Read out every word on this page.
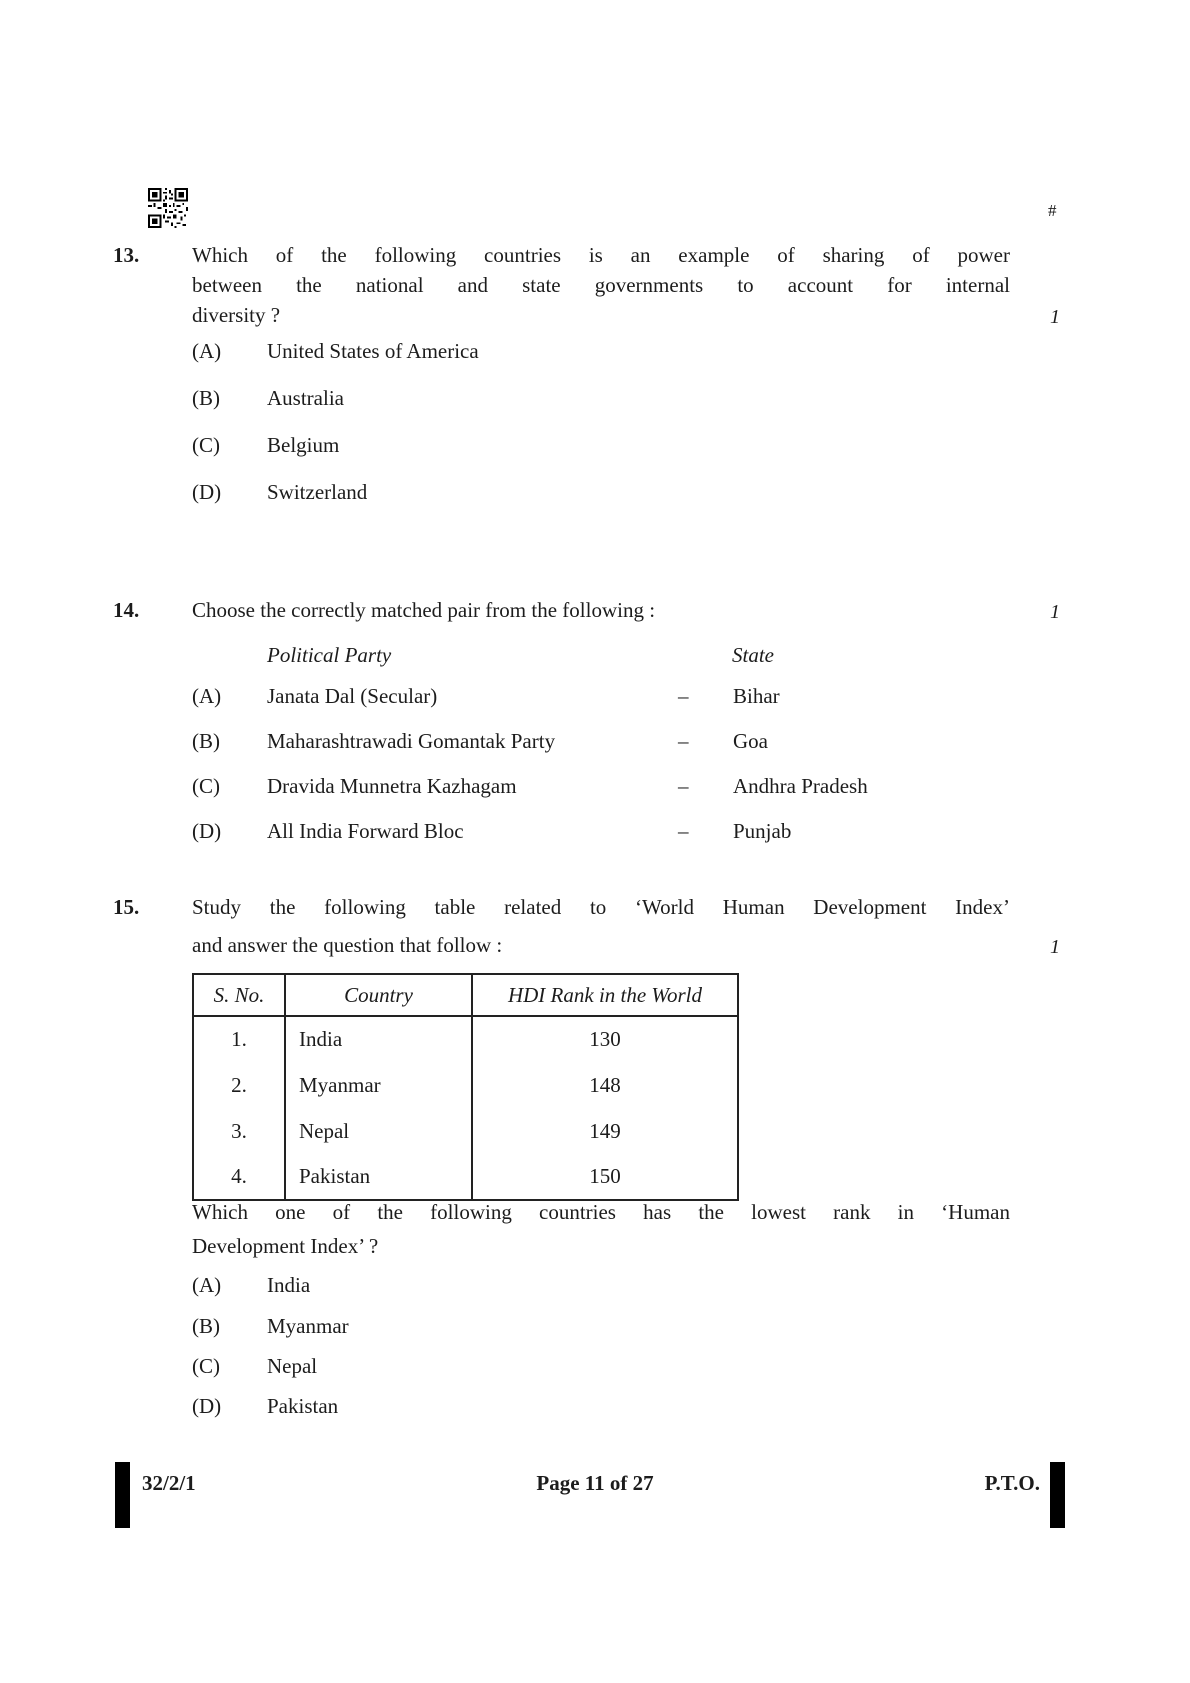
#
13.	Which of the following countries is an example of sharing of power
between the national and state governments to account for internal
diversity ?	1
(A)	United States of America
(B)	Australia
(C)	Belgium
(D)	Switzerland
14.	Choose the correctly matched pair from the following :	1
Political Party	State
(A)	Janata Dal (Secular)	–	Bihar
(B)	Maharashtrawadi Gomantak Party	–	Goa
(C)	Dravida Munnetra Kazhagam	–	Andhra Pradesh
(D)	All India Forward Bloc	–	Punjab
15.	Study the following table related to ‘World Human Development Index’
and answer the question that follow :	1
S. No.	Country	HDI Rank in the World
1.	India	130
2.	Myanmar	148
3.	Nepal	149
4.	Pakistan	150
Which one of the following countries has the lowest rank in ‘Human
Development Index’ ?
(A)	India
(B)	Myanmar
(C)	Nepal
(D)	Pakistan
32/2/1	Page 11 of 27	P.T.O.
